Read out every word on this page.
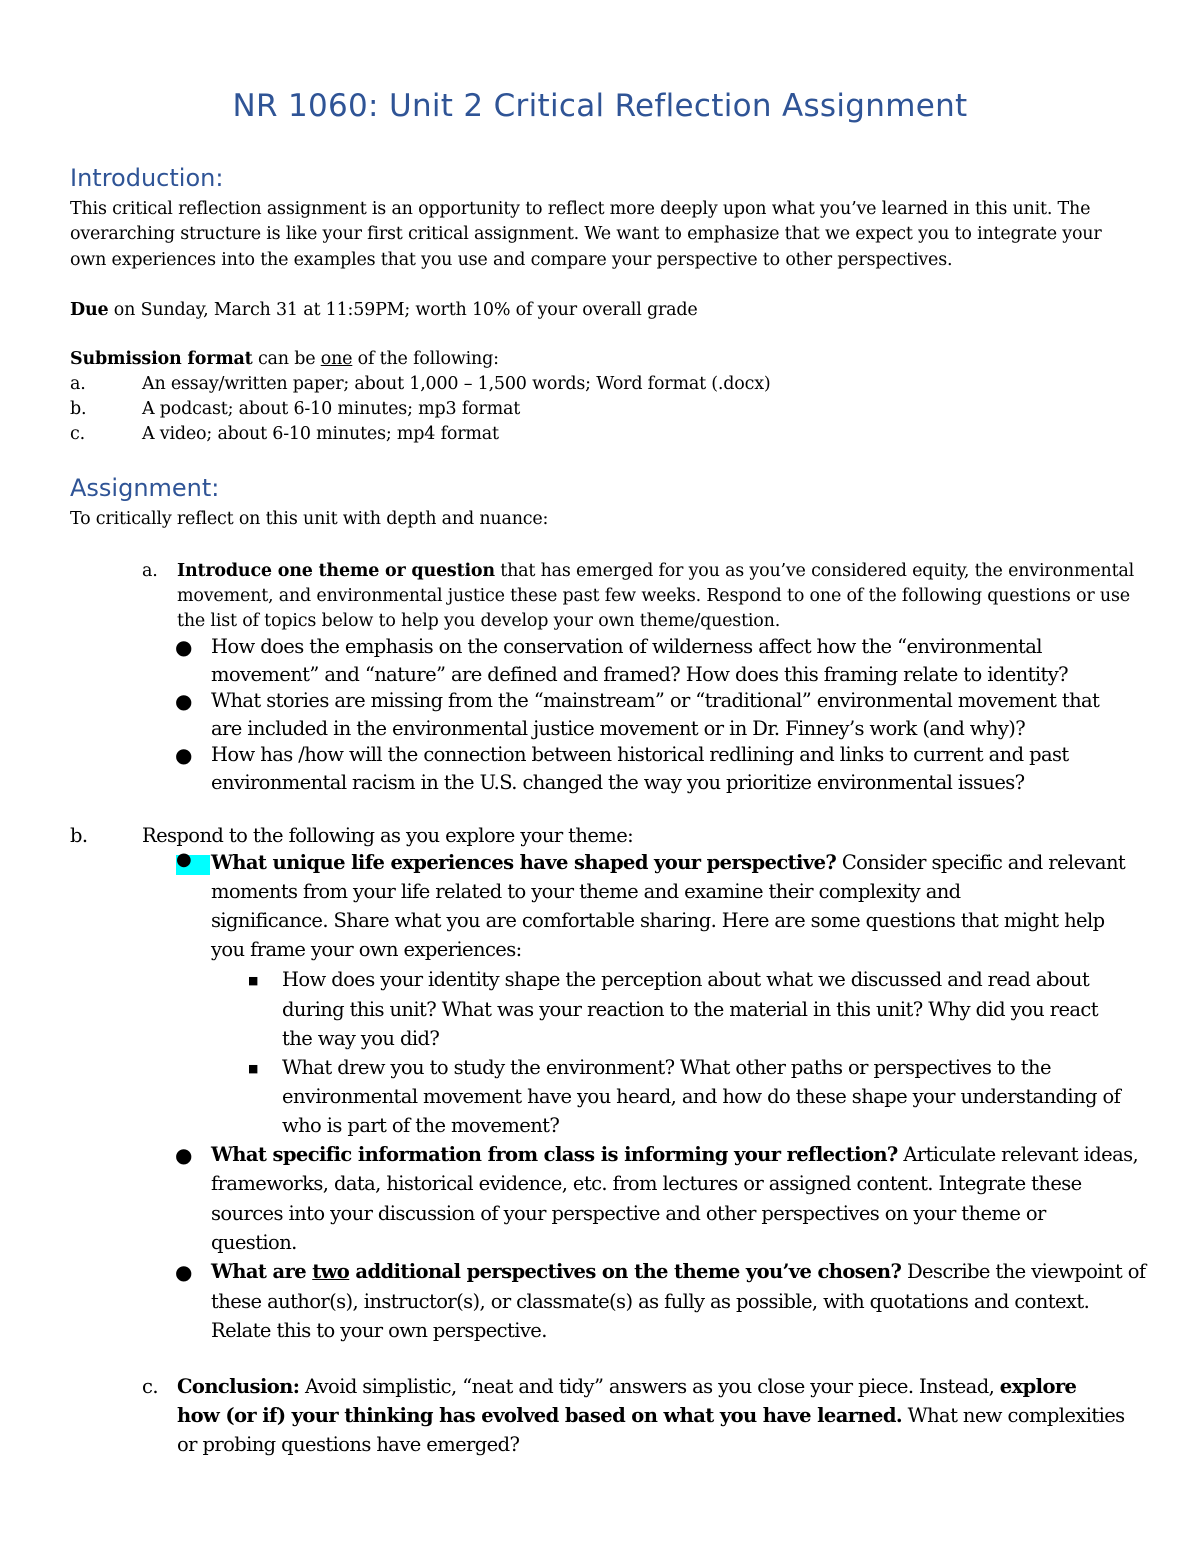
NR 1060: Unit 2 Critical Reflection Assignment
Introduction:
This critical reflection assignment is an opportunity to reflect more deeply upon what you’ve learned in this unit. The
overarching structure is like your first critical assignment. We want to emphasize that we expect you to integrate your
own experiences into the examples that you use and compare your perspective to other perspectives.
Due on Sunday, March 31 at 11:59PM; worth 10% of your overall grade
Submission format can be one of the following:
a.	An essay/written paper; about 1,000 – 1,500 words; Word format (.docx)
b.	A podcast; about 6-10 minutes; mp3 format
c.	A video; about 6-10 minutes; mp4 format
Assignment:
To critically reflect on this unit with depth and nuance:
a. Introduce one theme or question that has emerged for you as you’ve considered equity, the environmental
movement, and environmental justice these past few weeks. Respond to one of the following questions or use
the list of topics below to help you develop your own theme/question.
● How does the emphasis on the conservation of wilderness affect how the “environmental
movement” and “nature” are defined and framed? How does this framing relate to identity?
● What stories are missing from the “mainstream” or “traditional” environmental movement that
are included in the environmental justice movement or in Dr. Finney’s work (and why)?
● How has /how will the connection between historical redlining and links to current and past
environmental racism in the U.S. changed the way you prioritize environmental issues?
b.	Respond to the following as you explore your theme:
● What unique life experiences have shaped your perspective? Consider specific and relevant
moments from your life related to your theme and examine their complexity and
significance. Share what you are comfortable sharing. Here are some questions that might help
you frame your own experiences:
■ How does your identity shape the perception about what we discussed and read about
during this unit? What was your reaction to the material in this unit? Why did you react
the way you did?
■ What drew you to study the environment? What other paths or perspectives to the
environmental movement have you heard, and how do these shape your understanding of
who is part of the movement?
● What specific information from class is informing your reflection? Articulate relevant ideas,
frameworks, data, historical evidence, etc. from lectures or assigned content. Integrate these
sources into your discussion of your perspective and other perspectives on your theme or
question.
● What are two additional perspectives on the theme you’ve chosen? Describe the viewpoint of
these author(s), instructor(s), or classmate(s) as fully as possible, with quotations and context.
Relate this to your own perspective.
c. Conclusion: Avoid simplistic, “neat and tidy” answers as you close your piece. Instead, explore
how (or if) your thinking has evolved based on what you have learned. What new complexities
or probing questions have emerged?
